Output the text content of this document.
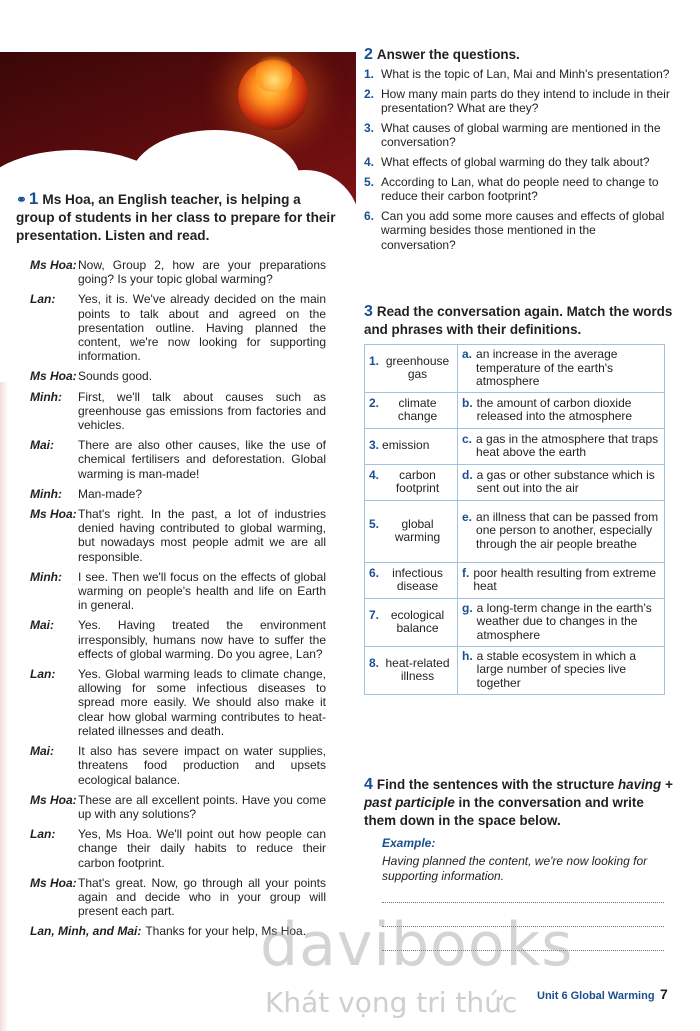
⚭ 1 Ms Hoa, an English teacher, is helping a group of students in her class to prepare for their presentation. Listen and read.
Ms Hoa: Now, Group 2, how are your preparations going? Is your topic global warming?
Lan:	Yes, it is. We've already decided on the main points to talk about and agreed on the presentation outline. Having planned the content, we're now looking for supporting information.
Ms Hoa: Sounds good.
Minh:	First, we'll talk about causes such as greenhouse gas emissions from factories and vehicles.
Mai:	There are also other causes, like the use of chemical fertilisers and deforestation. Global warming is man-made!
Minh:	Man-made?
Ms Hoa: That's right. In the past, a lot of industries denied having contributed to global warming, but nowadays most people admit we are all responsible.
Minh:	I see. Then we'll focus on the effects of global warming on people's health and life on Earth in general.
Mai:	Yes. Having treated the environment irresponsibly, humans now have to suffer the effects of global warming. Do you agree, Lan?
Lan:	Yes. Global warming leads to climate change, allowing for some infectious diseases to spread more easily. We should also make it clear how global warming contributes to heat-related illnesses and death.
Mai:	It also has severe impact on water supplies, threatens food production and upsets ecological balance.
Ms Hoa: These are all excellent points. Have you come up with any solutions?
Lan:	Yes, Ms Hoa. We'll point out how people can change their daily habits to reduce their carbon footprint.
Ms Hoa: That's great. Now, go through all your points again and decide who in your group will present each part.
Lan, Minh, and Mai: Thanks for your help, Ms Hoa.
2 Answer the questions.
1. What is the topic of Lan, Mai and Minh's presentation?
2. How many main parts do they intend to include in their presentation? What are they?
3. What causes of global warming are mentioned in the conversation?
4. What effects of global warming do they talk about?
5. According to Lan, what do people need to change to reduce their carbon footprint?
6. Can you add some more causes and effects of global warming besides those mentioned in the conversation?
3 Read the conversation again. Match the words and phrases with their definitions.
1. greenhouse gas	a. an increase in the average temperature of the earth's atmosphere

2. climate change	b. the amount of carbon dioxide released into the atmosphere

3. emission	c. a gas in the atmosphere that traps heat above the earth

4. carbon footprint	d. a gas or other substance which is sent out into the air

5. global warming	e. an illness that can be passed from one person to another, especially through the air people breathe

6. infectious disease	f. poor health resulting from extreme heat

7. ecological balance	g. a long-term change in the earth's weather due to changes in the atmosphere

8. heat-related illness	h. a stable ecosystem in which a large number of species live together
4 Find the sentences with the structure having + past participle in the conversation and write them down in the space below.
Example:
Having planned the content, we're now looking for supporting information.
davibooks
Khát vọng tri thức Unit 6 Global Warming 7
